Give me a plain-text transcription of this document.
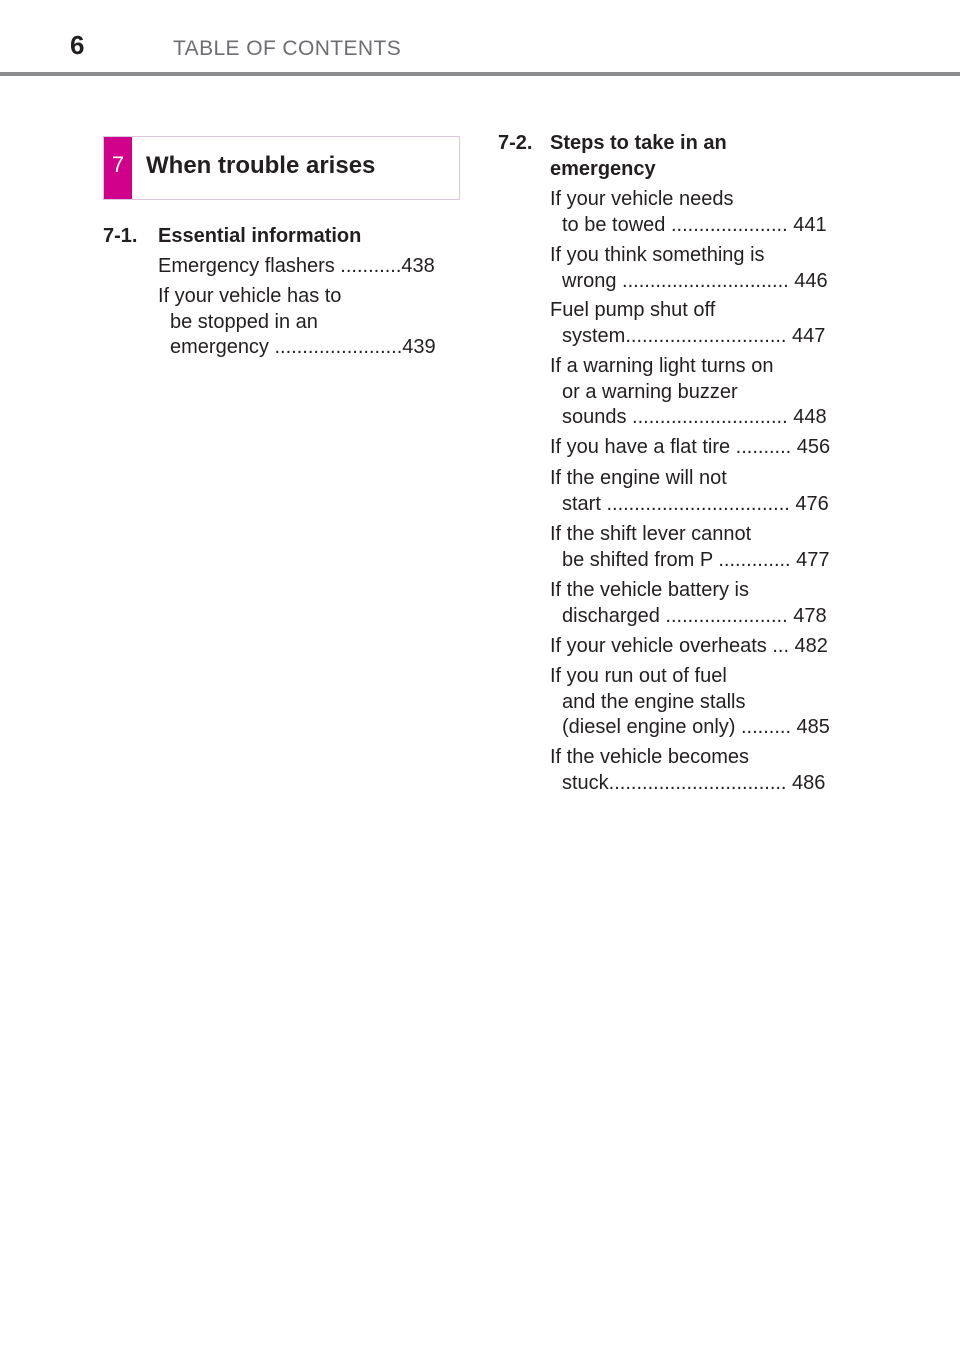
6	TABLE OF CONTENTS
7 When trouble arises
7-1. Essential information
Emergency flashers ...........438
If your vehicle has to
be stopped in an
emergency .......................439
7-2. Steps to take in an
emergency
If your vehicle needs
to be towed ..................... 441
If you think something is
wrong .............................. 446
Fuel pump shut off
system............................. 447
If a warning light turns on
or a warning buzzer
sounds ............................ 448
If you have a flat tire .......... 456
If the engine will not
start ................................. 476
If the shift lever cannot
be shifted from P ............. 477
If the vehicle battery is
discharged ...................... 478
If your vehicle overheats ... 482
If you run out of fuel
and the engine stalls
(diesel engine only) ......... 485
If the vehicle becomes
stuck................................ 486
